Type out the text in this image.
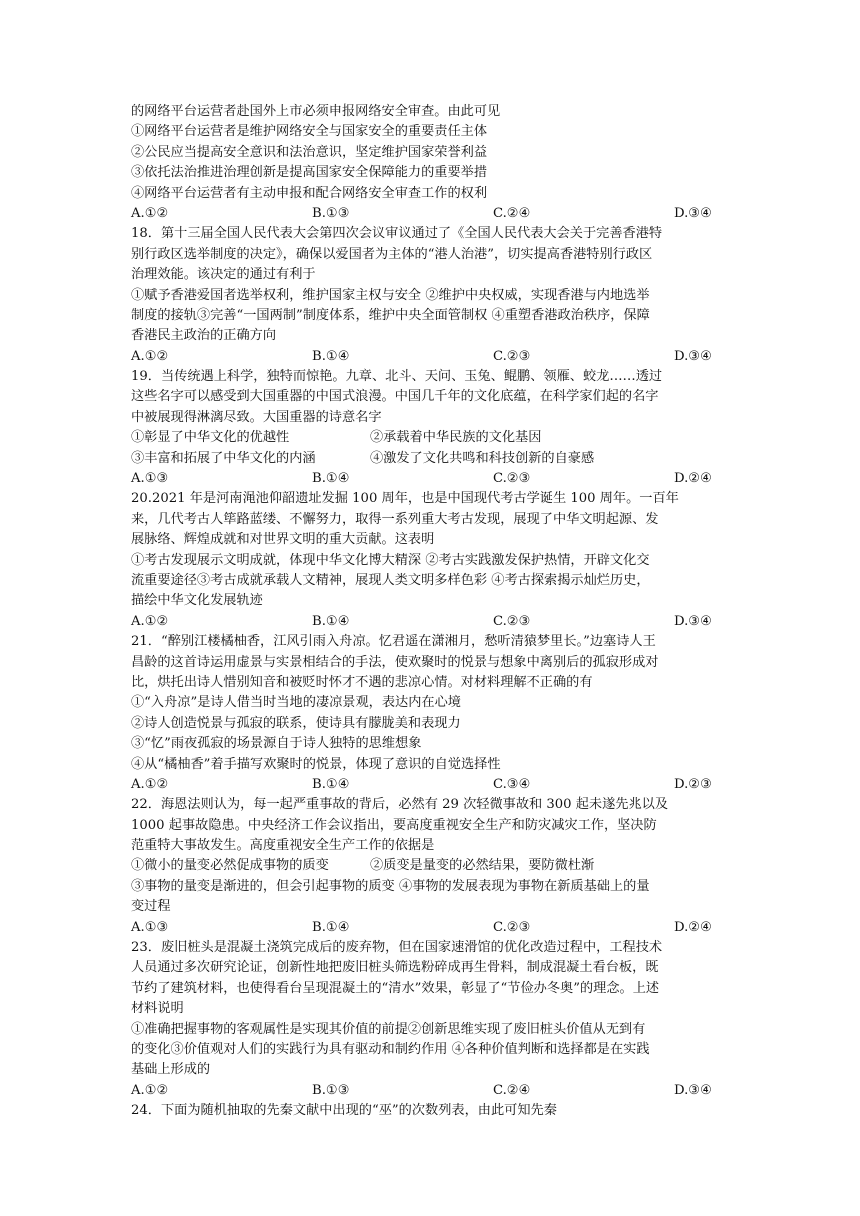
的网络平台运营者赴国外上市必须申报网络安全审查。由此可见
①网络平台运营者是维护网络安全与国家安全的重要责任主体
②公民应当提高安全意识和法治意识，坚定维护国家荣誉利益
③依托法治推进治理创新是提高国家安全保障能力的重要举措
④网络平台运营者有主动申报和配合网络安全审查工作的权利
A.①②	B.①③	C.②④	D.③④
18．第十三届全国人民代表大会第四次会议审议通过了《全国人民代表大会关于完善香港特
别行政区选举制度的决定》，确保以爱国者为主体的“港人治港”，切实提高香港特别行政区
治理效能。该决定的通过有利于
①赋予香港爱国者选举权利，维护国家主权与安全 ②维护中央权威，实现香港与内地选举
制度的接轨③完善“一国两制”制度体系，维护中央全面管制权 ④重塑香港政治秩序，保障
香港民主政治的正确方向
A.①②	B.①④	C.②③	D.③④
19．当传统遇上科学，独特而惊艳。九章、北斗、天问、玉兔、鲲鹏、领雁、蛟龙……透过
这些名字可以感受到大国重器的中国式浪漫。中国几千年的文化底蕴，在科学家们起的名字
中被展现得淋漓尽致。大国重器的诗意名字
①彰显了中华文化的优越性	②承载着中华民族的文化基因
③丰富和拓展了中华文化的内涵	④激发了文化共鸣和科技创新的自豪感
A.①③	B.①④	C.②③	D.②④
20.2021 年是河南渑池仰韶遗址发掘 100 周年，也是中国现代考古学诞生 100 周年。一百年
来，几代考古人筚路蓝缕、不懈努力，取得一系列重大考古发现，展现了中华文明起源、发
展脉络、辉煌成就和对世界文明的重大贡献。这表明
①考古发现展示文明成就，体现中华文化博大精深 ②考古实践激发保护热情，开辟文化交
流重要途径③考古成就承载人文精神，展现人类文明多样色彩 ④考古探索揭示灿烂历史，
描绘中华文化发展轨迹
A.①②	B.①④	C.②③	D.③④
21．“醉别江楼橘柚香，江风引雨入舟凉。忆君遥在潇湘月，愁听清猿梦里长。”边塞诗人王
昌龄的这首诗运用虚景与实景相结合的手法，使欢聚时的悦景与想象中离别后的孤寂形成对
比，烘托出诗人惜别知音和被贬时怀才不遇的悲凉心情。对材料理解不正确的有
①“入舟凉”是诗人借当时当地的凄凉景观，表达内在心境
②诗人创造悦景与孤寂的联系，使诗具有朦胧美和表现力
③“忆”雨夜孤寂的场景源自于诗人独特的思维想象
④从“橘柚香”着手描写欢聚时的悦景，体现了意识的自觉选择性
A.①②	B.①④	C.③④	D.②③
22．海恩法则认为，每一起严重事故的背后，必然有 29 次轻微事故和 300 起未遂先兆以及
1000 起事故隐患。中央经济工作会议指出，要高度重视安全生产和防灾减灾工作，坚决防
范重特大事故发生。高度重视安全生产工作的依据是
①微小的量变必然促成事物的质变	②质变是量变的必然结果，要防微杜渐
③事物的量变是渐进的，但会引起事物的质变 ④事物的发展表现为事物在新质基础上的量
变过程
A.①③	B.①④	C.②③	D.②④
23．废旧桩头是混凝土浇筑完成后的废弃物，但在国家速滑馆的优化改造过程中，工程技术
人员通过多次研究论证，创新性地把废旧桩头筛选粉碎成再生骨料，制成混凝土看台板，既
节约了建筑材料，也使得看台呈现混凝土的“清水”效果，彰显了“节俭办冬奥”的理念。上述
材料说明
①准确把握事物的客观属性是实现其价值的前提②创新思维实现了废旧桩头价值从无到有
的变化③价值观对人们的实践行为具有驱动和制约作用 ④各种价值判断和选择都是在实践
基础上形成的
A.①②	B.①③	C.②④	D.③④
24．下面为随机抽取的先秦文献中出现的“巫”的次数列表，由此可知先秦
